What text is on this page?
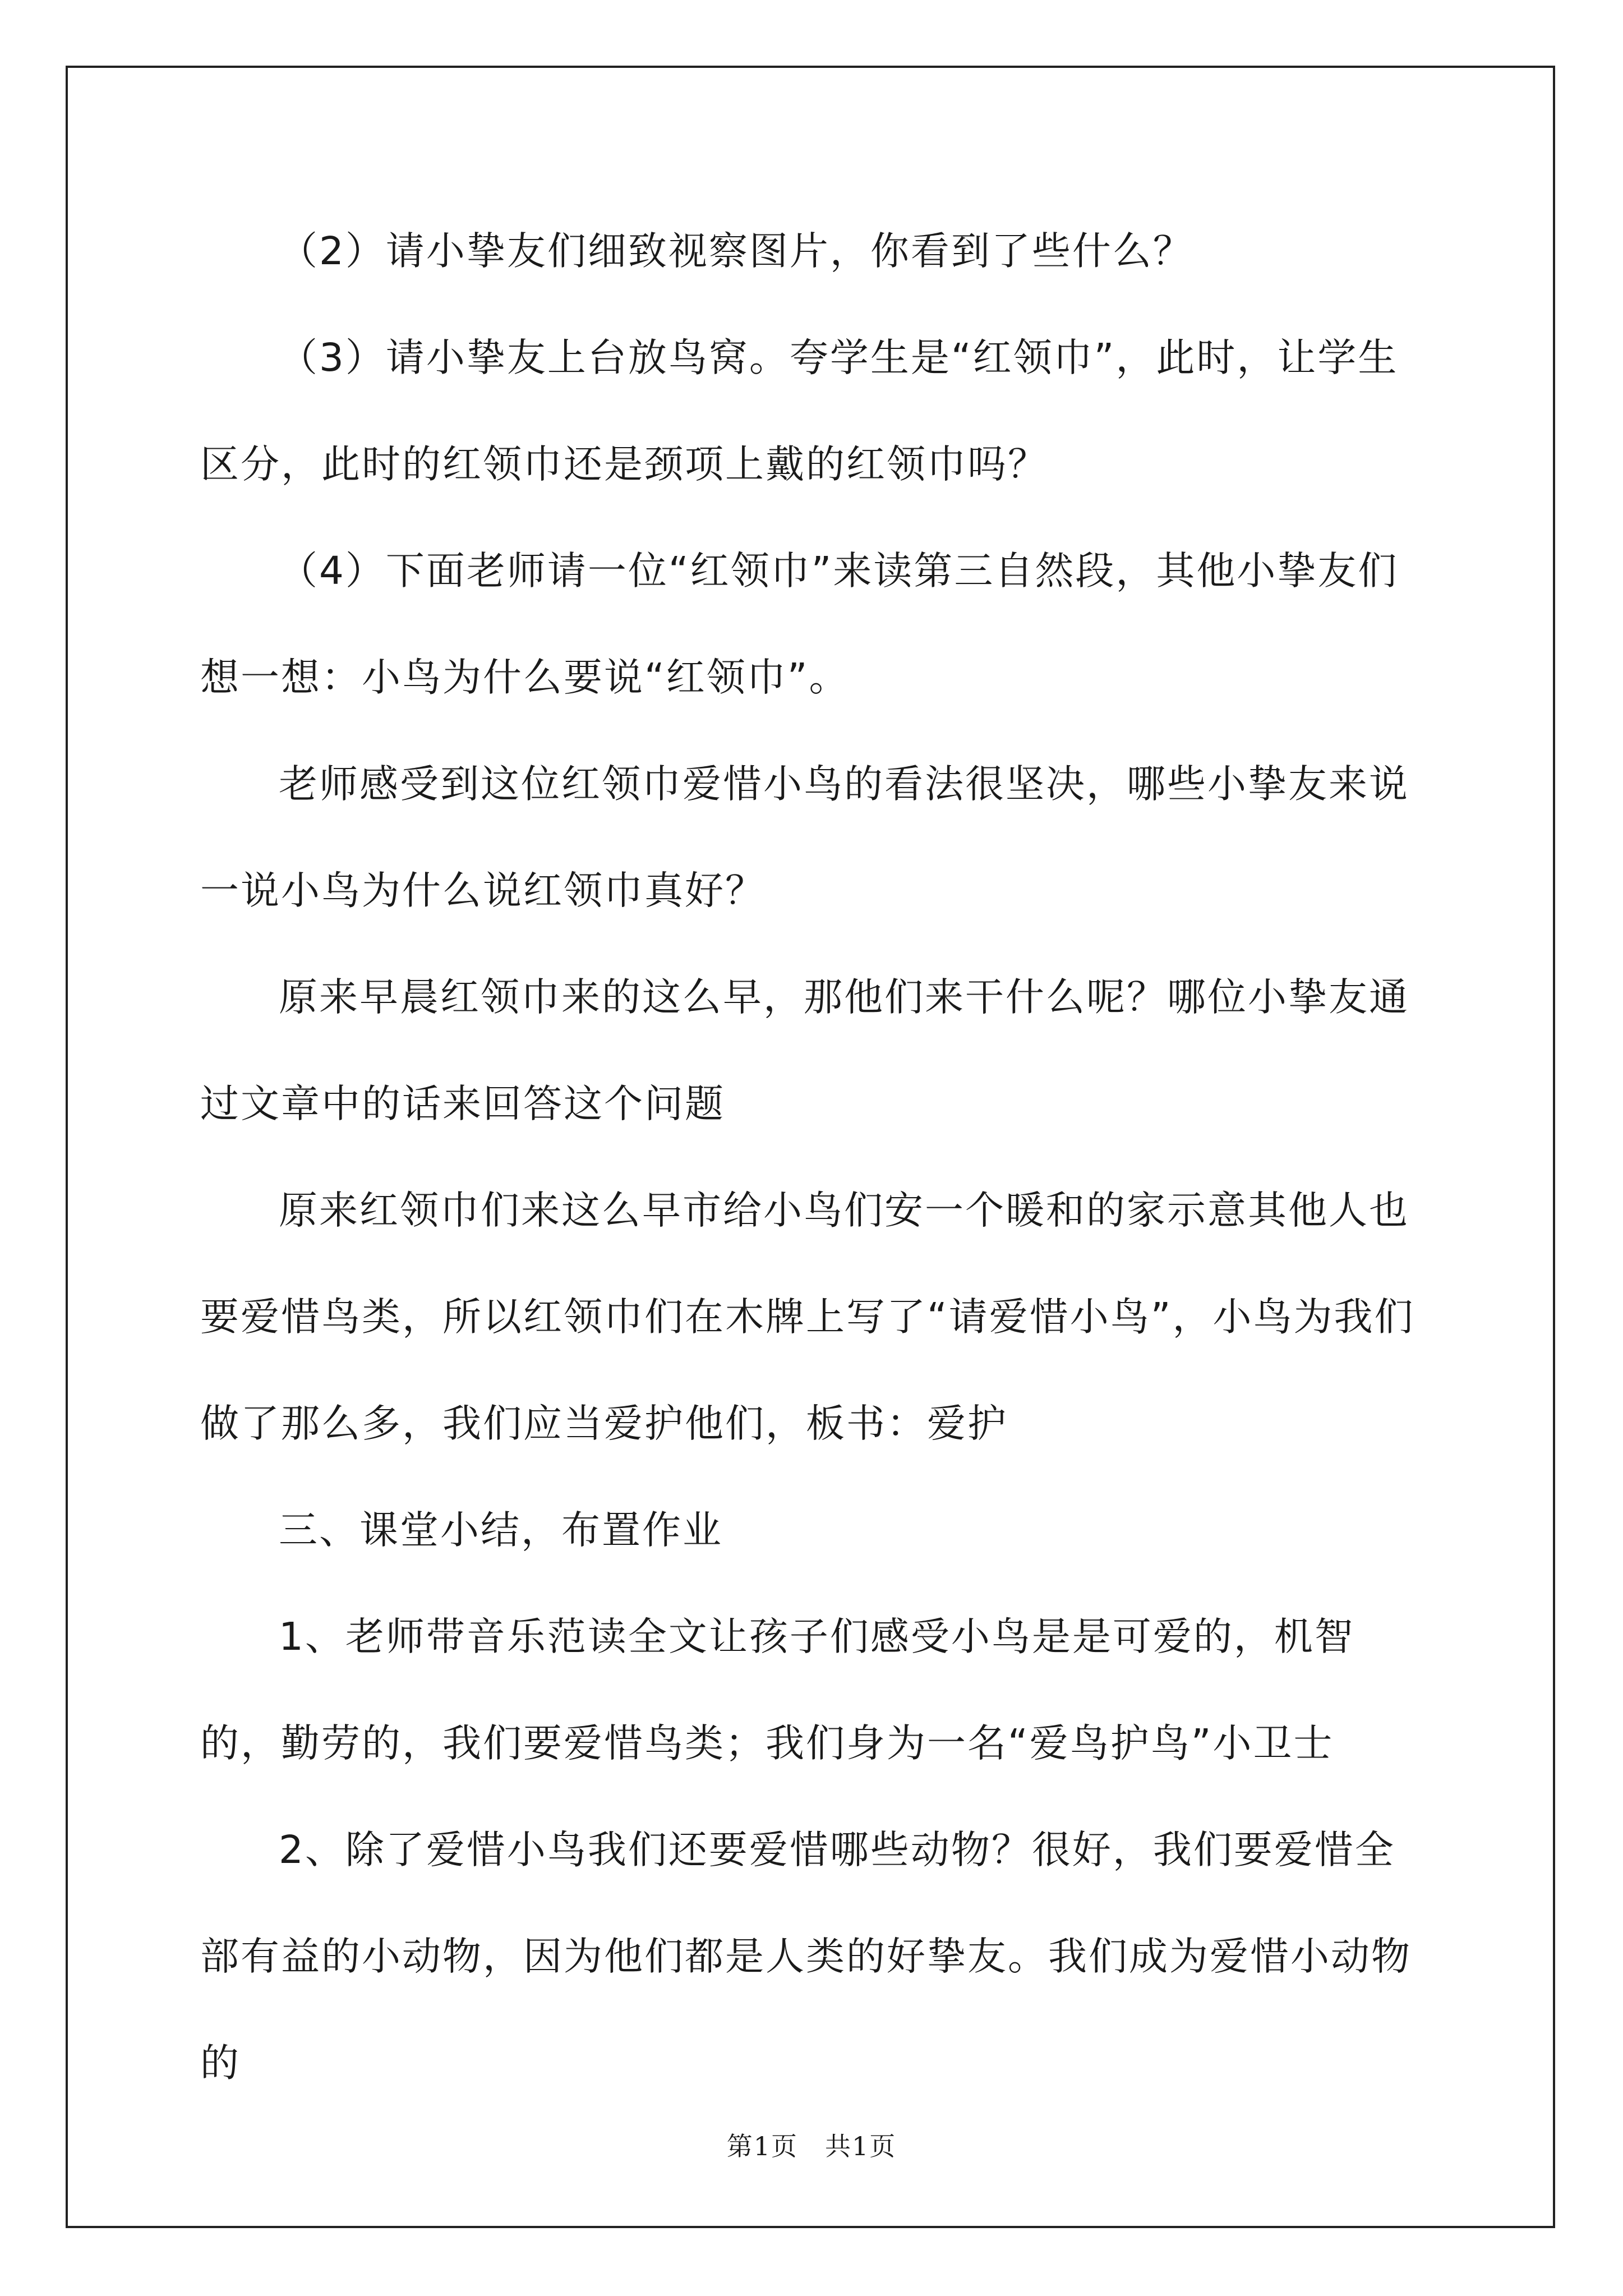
（2）请小挚友们细致视察图片，你看到了些什么？

（3）请小挚友上台放鸟窝。夸学生是“红领巾”，此时，让学生区分，此时的红领巾还是颈项上戴的红领巾吗？

（4）下面老师请一位“红领巾”来读第三自然段，其他小挚友们想一想：小鸟为什么要说“红领巾”。

老师感受到这位红领巾爱惜小鸟的看法很坚决，哪些小挚友来说一说小鸟为什么说红领巾真好？

原来早晨红领巾来的这么早，那他们来干什么呢？哪位小挚友通过文章中的话来回答这个问题

原来红领巾们来这么早市给小鸟们安一个暖和的家示意其他人也要爱惜鸟类，所以红领巾们在木牌上写了“请爱惜小鸟”，小鸟为我们做了那么多，我们应当爱护他们，板书：爱护

三、课堂小结，布置作业

1、老师带音乐范读全文让孩子们感受小鸟是是可爱的，机智的，勤劳的，我们要爱惜鸟类；我们身为一名“爱鸟护鸟”小卫士

2、除了爱惜小鸟我们还要爱惜哪些动物？很好，我们要爱惜全部有益的小动物，因为他们都是人类的好挚友。我们成为爱惜小动物的

第1页 共1页
